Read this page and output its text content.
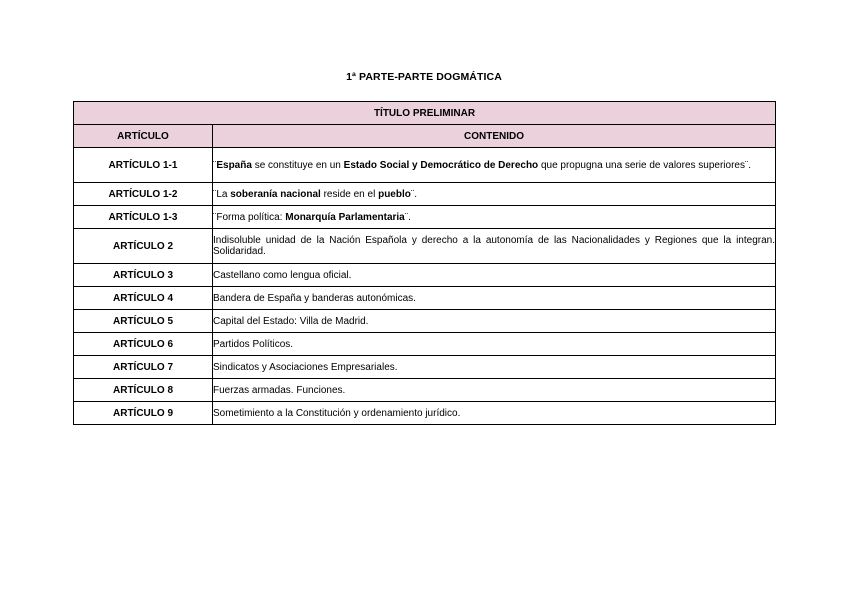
1ª PARTE-PARTE DOGMÁTICA
TÍTULO PRELIMINAR	
ARTÍCULO	CONTENIDO
ARTÍCULO 1-1	¨España se constituye en un Estado Social y Democrático de Derecho que propugna una serie de valores superiores¨.
ARTÍCULO 1-2	¨La soberanía nacional reside en el pueblo¨.
ARTÍCULO 1-3	¨Forma política: Monarquía Parlamentaria¨.
ARTÍCULO 2	Indisoluble unidad de la Nación Española y derecho a la autonomía de las Nacionalidades y Regiones que la integran. Solidaridad.
ARTÍCULO 3	Castellano como lengua oficial.
ARTÍCULO 4	Bandera de España y banderas autonómicas.
ARTÍCULO 5	Capital del Estado: Villa de Madrid.
ARTÍCULO 6	Partidos Políticos.
ARTÍCULO 7	Sindicatos y Asociaciones Empresariales.
ARTÍCULO 8	Fuerzas armadas. Funciones.
ARTÍCULO 9	Sometimiento a la Constitución y ordenamiento jurídico.
